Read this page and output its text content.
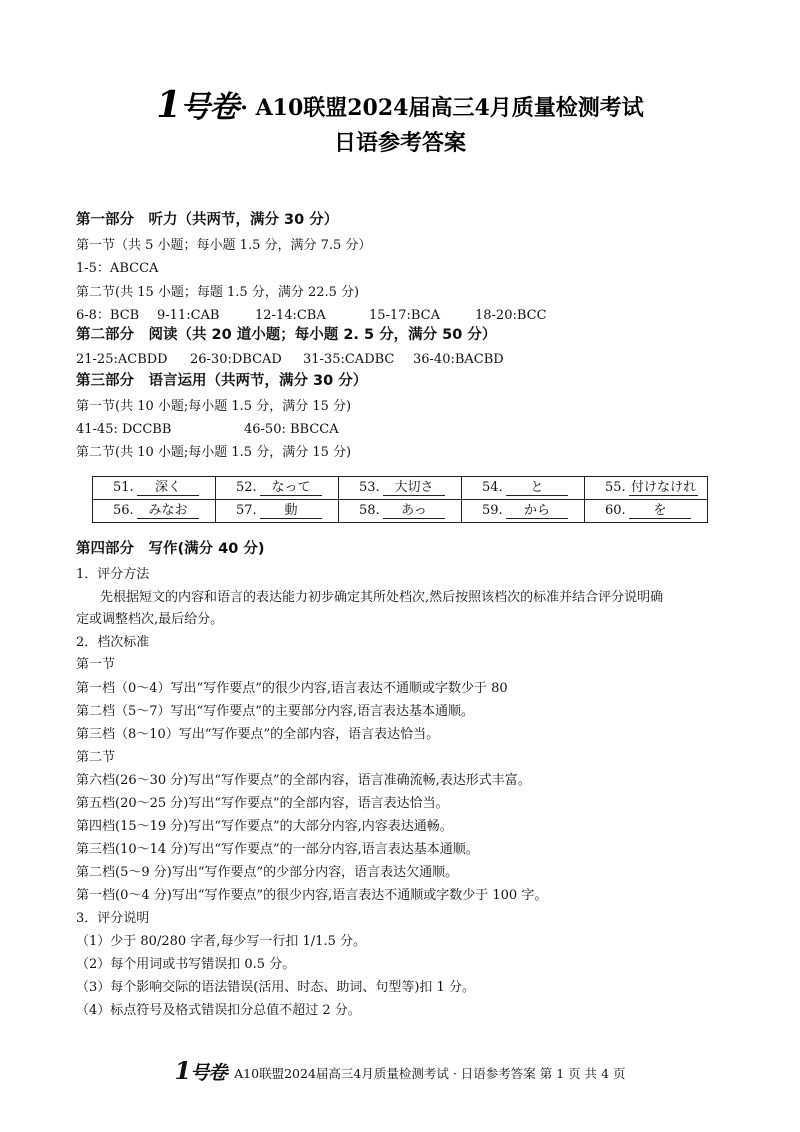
1号卷· A10联盟2024届高三4月质量检测考试
日语参考答案
第一部分　听力（共两节，满分 30 分）
第一节（共 5 小题；每小题 1.5 分，满分 7.5 分）
1-5：ABCCA
第二节(共 15 小题；每题 1.5 分，满分 22.5 分)
6-8：BCB 9-11:CAB	12-14:CBA	15-17:BCA	18-20:BCC
第二部分　阅读（共 20 道小题；每小题 2. 5 分，满分 50 分）
21-25:ACBDD 26-30:DBCAD 31-35:CADBC 36-40:BACBD
第三部分　语言运用（共两节，满分 30 分）
第一节(共 10 小题;每小题 1.5 分，满分 15 分)
41-45: DCCBB	46-50: BBCCA
第二节(共 10 小题;每小题 1.5 分，满分 15 分)
51. 深く	52. なって	53. 大切さ	54. と	55. 付けなけれ
56. みなお	57. 動	58. あっ	59. から	60. を
第四部分　写作(满分 40 分)
1．评分方法
先根据短文的内容和语言的表达能力初步确定其所处档次,然后按照该档次的标准并结合评分说明确
定或调整档次,最后给分。
2．档次标准
第一节
第一档（0～4）写出“写作要点”的很少内容,语言表达不通顺或字数少于 80
第二档（5～7）写出“写作要点”的主要部分内容,语言表达基本通顺。
第三档（8～10）写出“写作要点”的全部内容，语言表达恰当。
第二节
第六档(26～30 分)写出“写作要点”的全部内容，语言准确流畅,表达形式丰富。
第五档(20～25 分)写出“写作要点”的全部内容，语言表达恰当。
第四档(15～19 分)写出“写作要点”的大部分内容,内容表达通畅。
第三档(10～14 分)写出“写作要点”的一部分内容,语言表达基本通顺。
第二档(5～9 分)写出“写作要点”的少部分内容，语言表达欠通顺。
第一档(0～4 分)写出“写作要点”的很少内容,语言表达不通顺或字数少于 100 字。
3．评分说明
（1）少于 80/280 字者,每少写一行扣 1/1.5 分。
（2）每个用词或书写错误扣 0.5 分。
（3）每个影响交际的语法错误(活用、时态、助词、句型等)扣 1 分。
（4）标点符号及格式错误扣分总值不超过 2 分。
1号卷· A10联盟2024届高三4月质量检测考试 · 日语参考答案 第 1 页 共 4 页
